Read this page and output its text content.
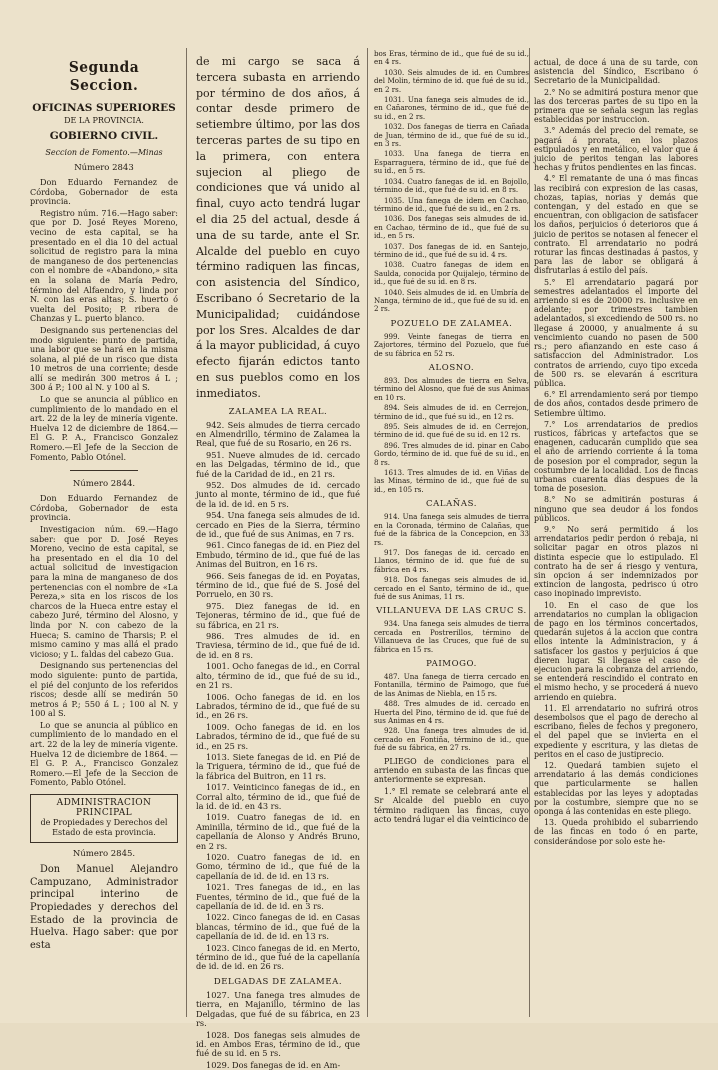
Segunda Seccion.
OFICINAS SUPERIORES
DE LA PROVINCIA.
GOBIERNO CIVIL.
Seccion de Fomento.—Minas
Número 2843

Don Eduardo Fernandez de Córdoba, Gobernador de esta provincia.

Registro núm. 716.—Hago saber: que por D. José Reyes Moreno, vecino de esta capital, se ha presentado en el dia 10 del actual solicitud de registro para la mina de manganeso de dos pertenencias con el nombre de «Abandono,» sita en la solana de María Pedro, término del Alfaendro, y linda por N. con las eras altas; S. huerto ó vuelta del Posito; P. ribera de Chanzas y L. puerto blanco.

Designando sus pertenencias del modo siguiente: punto de partida, una labor que se hará en la misma solana, al pié de un risco que dista 10 metros de una corriente; desde allí se medirán 300 metros á L ; 300 á P.; 100 al N. y 100 al S.

Lo que se anuncia al público en cumplimiento de lo mandado en el art. 22 de la ley de minería vigente. Huelva 12 de diciembre de 1864.—El G. P. A., Francisco Gonzalez Romero.—El Jefe de la Seccion de Fomento, Pablo Otónel.

Número 2844.

Don Eduardo Fernandez de Córdoba, Gobernador de esta provincia.

Investigacion núm. 69.—Hago saber: que por D. José Reyes Moreno, vecino de esta capital, se ha presentado en el dia 10 del actual solicitud de investigacion para la mina de manganeso de dos pertenencias con el nombre de «La Pereza,» sita en los riscos de los charcos de la Hueca entre estay el cabezo Juré, término del Alosno, y linda por N. con cabezo de la Hueca; S. camino de Tharsis; P. el mismo camino y mas allá el prado vicioso; y L. faldas del cabezo Gua.

Designando sus pertenencias del modo siguiente: punto de partida, el pié del conjunto de los referidos riscos; desde allí se medirán 50 metros á P.; 550 á L ; 100 al N. y 100 al S.

Lo que se anuncia al público en cumplimiento de lo mandado en el art. 22 de la ley de minería vigente. Huelva 12 de diciembre de 1864. —El G. P. A., Francisco Gonzalez Romero.—El Jefe de la Seccion de Fomento, Pablo Otónel.

ADMINISTRACION PRINCIPAL

de Propiedades y Derechos del Estado de esta provincia.

Número 2845.

Don Manuel Alejandro Campuzano, Administrador principal interino de Propiedades y derechos del Estado de la provincia de Huelva. Hago saber: que por esta

de mi cargo se saca á tercera subasta en arriendo por término de dos años, á contar desde primero de setiembre último, por las dos terceras partes de su tipo en la primera, con entera sujecion al pliego de condiciones que vá unido al final, cuyo acto tendrá lugar el dia 25 del actual, desde á una de su tarde, ante el Sr. Alcalde del pueblo en cuyo término radiquen las fincas, con asistencia del Síndico, Escribano ó Secretario de la Municipalidad; cuidándose por los Sres. Alcaldes de dar á la mayor publicidad, á cuyo efecto fijarán edictos tanto en sus pueblos como en los inmediatos.

ZALAMEA LA REAL.

942. Seis almudes de tierra cercado en Almendrillo, término de Zalamea la Real, que fué de su Rosario, en 26 rs.

951. Nueve almudes de id. cercado en las Delgadas, término de id., que fué de la Caridad de id., en 21 rs.

952. Dos almudes de id. cercado junto al monte, término de id., que fué de la id. de id. en 5 rs.

954. Una fanega seis almudes de id. cercado en Pies de la Sierra, término de id., que fué de sus Animas, en 7 rs.

961. Cinco fanegas de id. en Piez del Embudo, término de id., que fué de las Animas del Buitron, en 16 rs.

966. Seis fanegas de id. en Poyatas, término de id., que fué de S. José del Porruelo, en 30 rs.

975. Diez fanegas de id. en Tejoneras, término de id., que fué de su fábrica, en 21 rs.

986. Tres almudes de id. en Traviesa, término de id., que fué de id. de id. en 8 rs.

1001. Ocho fanegas de id., en Corral alto, término de id., que fué de su id., en 21 rs.

1006. Ocho fanegas de id. en los Labrados, término de id., que fué de su id., en 26 rs.

1009. Ocho fanegas de id. en los Labrados, término de id., que fué de su id., en 25 rs.

1013. Siete fanegas de id. en Pié de la Triguera, término de id., que fué de la fábrica del Buitron, en 11 rs.

1017. Veinticinco fanegas de id., en Corral alto, término de id., que fué de la id. de id. en 43 rs.

1019. Cuatro fanegas de id. en Aminilla, término de id., que fué de la capellanía de Alonso y Andrés Bruno, en 2 rs.

1020. Cuatro fanegas de id. en Gomo, término de id., que fué de la capellanía de id. de id. en 13 rs.

1021. Tres fanegas de id., en las Fuentes, término de id., que fué de la capellanía de id. de id. en 3 rs.

1022. Cinco fanegas de id. en Casas blancas, término de id., que fué de la capellanía de id. de id. en 13 rs.

1023. Cinco fanegas de id. en Merto, término de id., que fué de la capellanía de id. de id. en 26 rs.

DELGADAS DE ZALAMEA.

1027. Una fanega tres almudes de tierra, en Majanillo, término de las Delgadas, que fué de su fábrica, en 23 rs.

1028. Dos fanegas seis almudes de id. en Ambos Eras, término de id., que fué de su id. en 5 rs.

1029. Dos fanegas de id. en Am-

bos Eras, término de id., que fué de su id., en 4 rs.

1030. Seis almudes de id. en Cumbres del Molin, término de id. que fué de su id., en 2 rs.

1031. Una fanega seis almudes de id., en Cañarones, término de id., que fué de su id., en 2 rs.

1032. Dos fanegas de tierra en Cañada de Juan, término de id., que fué de su id., en 3 rs.

1033. Una fanega de tierra en Esparraguera, término de id., que fué de su id., en 5 rs.

1034. Cuatro fanegas de id. en Bojollo, término de id., que fué de su id. en 8 rs.

1035. Una fanega de idem en Cachao, término de id., que fué de su id., en 2 rs.

1036. Dos fanegas seis almudes de id. en Cachao, término de id., que fué de su id., en 5 rs.

1037. Dos fanegas de id. en Santejo, término de id., que fué de su id. 4 rs.

1038. Cuatro fanegas de idem en Saulda, conocida por Quijalejo, término de id., que fué de su id. en 8 rs.

1040. Seis almudes de id. en Umbría de Nanga, término de id., que fué de su id. en 2 rs.

POZUELO DE ZALAMEA.

999. Veinte fanegas de tierra en Zajortores, término del Pozuelo, que fué de su fábrica en 52 rs.

ALOSNO.

893. Dos almudes de tierra en Selva, término del Alosno, que fué de sus Animas en 10 rs.

894. Seis almudes de id. en Cerrejon, término de id., que fué su id., en 12 rs.

895. Seis almudes de id. en Cerrejon, término de id. que fué de su id. en 12 rs.

896. Tres almudes de id. pinar en Cabo Gordo, término de id. que fué de su id., en 8 rs.

1613. Tres almudes de id. en Viñas de las Minas, término de id., que fué de su id., en 105 rs.

CALAÑAS.

914. Una fanega seis almudes de tierra en la Coronada, término de Calañas, que fué de la fábrica de la Concepcion, en 33 rs.

917. Dos fanegas de id. cercado en Llanos, término de id. que fué de su fábrica en 4 rs.

918. Dos fanegas seis almudes de id. cercado en el Santo, término de id., que fué de sus Animas, 11 rs.

VILLANUEVA DE LAS CRUC S.

934. Una fanega seis almudes de tierra cercada en Postrerillos, término de Villanueva de las Cruces, que fué de su fábrica en 15 rs.

PAIMOGO.

487. Una fanega de tierra cercado en Fontanilla, término de Paimogo, que fué de las Animas de Niebla, en 15 rs.

488. Tres almudes de id. cercado en Huerta del Pino, término de id. que fué de sus Animas en 4 rs.

928. Una fanega tres almudes de id. cercado en Fontiña, término de id., que fué de su fábrica, en 27 rs.

PLIEGO de condiciones para el arriendo en subasta de las fincas que anteriormente se expresan.

1.° El remate se celebrará ante el Sr Alcalde del pueblo en cuyo término radiquen las fincas, cuyo acto tendrá lugar el dia veinticinco de

actual, de doce á una de su tarde, con asistencia del Síndico, Escribano ó Secretario de la Municipalidad.

2.° No se admitirá postura menor que las dos terceras partes de su tipo en la primera que se señala segun las reglas establecidas por instruccion.

3.° Además del precio del remate, se pagará á prorata, en los plazos estipulados y en metálico, el valor que á juicio de peritos tengan las labores hechas y frutos pendientes en las fincas.

4.° El rematante de una ó mas fincas las recibirá con expresion de las casas, chozas, tapias, norias y demás que contengan, y del estado en que se encuentran, con obligacion de satisfacer los daños, perjuicios ó deterioros que á juicio de peritos se notasen al fenecer el contrato. El arrendatario no podrá roturar las fincas destinadas á pastos, y para las de labor se obligará á disfrutarlas á estilo del país.

5.° El arrendatario pagará por semestres adelantados el importe del arriendo si es de 20000 rs. inclusive en adelante; por trimestres tambien adelantados, si excediendo de 500 rs. no llegase á 20000, y anualmente á su vencimiento cuando no pasen de 500 rs.; pero afianzando en este caso á satisfaccion del Administrador. Los contratos de arriendo, cuyo tipo exceda de 500 rs. se elevarán á escritura pública.

6.° El arrendamiento será por tiempo de dos años, contados desde primero de Setiembre último.

7.° Los arrendatarios de predios rusticos, fábricas y artefactos que se enagenen, caducarán cumplido que sea el año de arriendo corriente á la toma de posesion por el comprador, segun la costumbre de la localidad. Los de fincas urbanas cuarenta dias despues de la toma de posesion.

8.° No se admitirán posturas á ninguno que sea deudor á los fondos públicos.

9.° No será permitido á los arrendatarios pedir perdon ó rebaja, ni solicitar pagar en otros plazos ni distinta especie que lo estipulado. El contrato ha de ser á riesgo y ventura, sin opcion á ser indemnizados por extincion de langosta, pedrisco ú otro caso inopinado imprevisto.

10. En el caso de que los arrendatarios no cumplan la obligacion de pago en los términos concertados, quedarán sujetos á la accion que contra ellos intente la Administracion, y á satisfacer los gastos y perjuicios á que dieren lugar. Si llegase el caso de ejecucion para la cobranza del arriendo, se entenderá rescindido el contrato en el mismo hecho, y se procederá á nuevo arriendo en quiebra.

11. El arrendatario no sufrirá otros desembolsos que el pago de derecho al escribano, fieles de fechos y pregonero, el del papel que se invierta en el expediente y escritura, y las dietas de peritos en el caso de justiprecio.

12. Quedará tambien sujeto el arrendatario á las demás condiciones que particularmente se hallen establecidas por las leyes y adoptadas por la costumbre, siempre que no se oponga á las contenidas en este pliego.

13. Queda prohibido el subarriendo de las fincas en todo ó en parte, considerándose por solo este he-
